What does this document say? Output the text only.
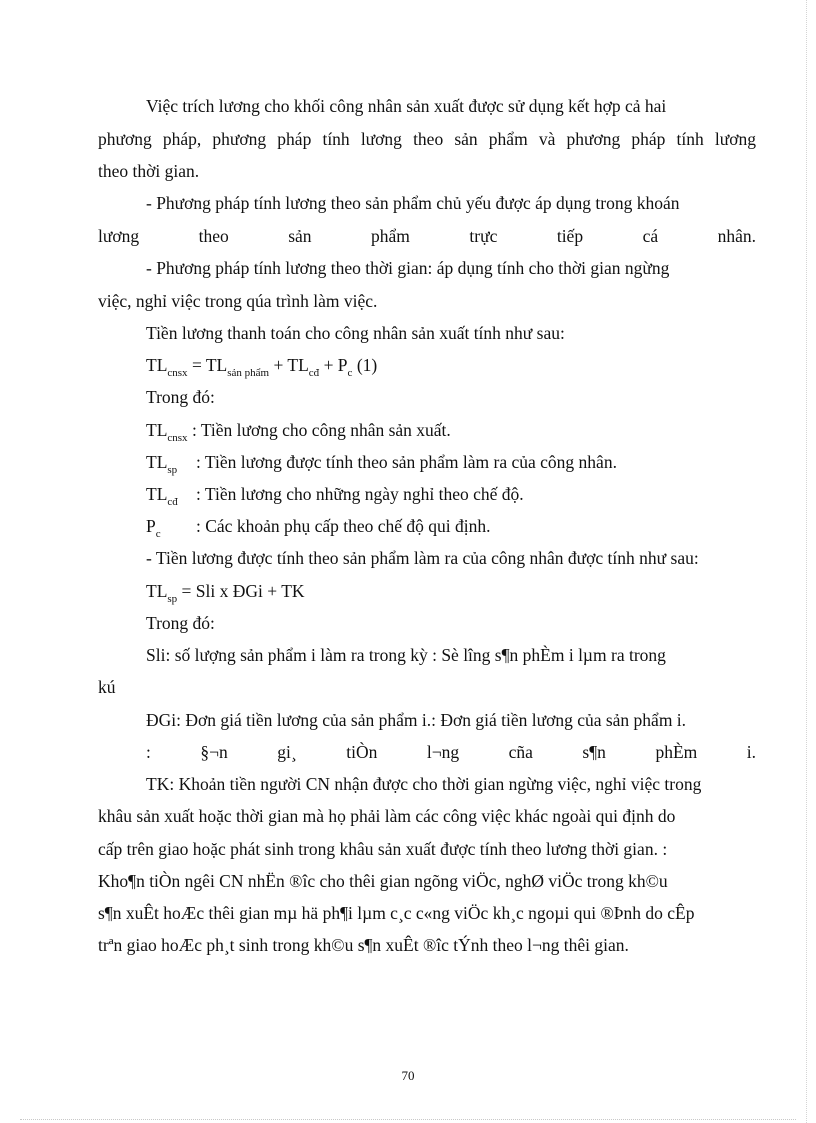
Việc trích lương cho khối công nhân sản xuất được sử dụng kết hợp cả hai
phương pháp, phương pháp tính lương theo sản phẩm và phương pháp tính lương
theo thời gian.
- Phương pháp tính lương theo sản phẩm chủ yếu được áp dụng trong khoán
lương theo sản phẩm trực tiếp cá nhân.
- Phương pháp tính lương theo thời gian: áp dụng tính cho thời gian ngừng
việc, nghỉ việc trong qúa trình làm việc.
Tiền lương thanh toán cho công nhân sản xuất tính như sau:
$TL_{cnsx} = TL_{sản phẩm} + TL_{cđ} + P_c$ (1)
Trong đó:
$TL_{cnsx}$ : Tiền lương cho công nhân sản xuất.
$TL_{sp}$ : Tiền lương được tính theo sản phẩm làm ra của công nhân.
$TL_{cđ}$ : Tiền lương cho những ngày nghỉ theo chế độ.
$P_c$ : Các khoản phụ cấp theo chế độ qui định.
- Tiền lương được tính theo sản phẩm làm ra của công nhân được tính như sau:
$TL_{sp}$ = Sli x ĐGi + TK
Trong đó:
Sli: số lượng sản phẩm i làm ra trong kỳ : Sè lîng s¶n phÈm i lµm ra trong
kú
ĐGi: Đơn giá tiền lương của sản phẩm i.: Đơn giá tiền lương của sản phẩm i.
: §¬n gi¸ tiÒn l¬ng cña s¶n phÈm i.
TK: Khoản tiền người CN nhận được cho thời gian ngừng việc, nghỉ việc trong
khâu sản xuất hoặc thời gian mà họ phải làm các công việc khác ngoài qui định do
cấp trên giao hoặc phát sinh trong khâu sản xuất được tính theo lương thời gian. :
Kho¶n tiÒn ngêi CN nhËn ®îc cho thêi gian ngõng viÖc, nghØ viÖc trong kh©u
s¶n xuÊt hoÆc thêi gian mµ hä ph¶i lµm c¸c c«ng viÖc kh¸c ngoµi qui ®Þnh do cÊp
trªn giao hoÆc ph¸t sinh trong kh©u s¶n xuÊt ®îc tÝnh theo l¬ng thêi gian.
70
